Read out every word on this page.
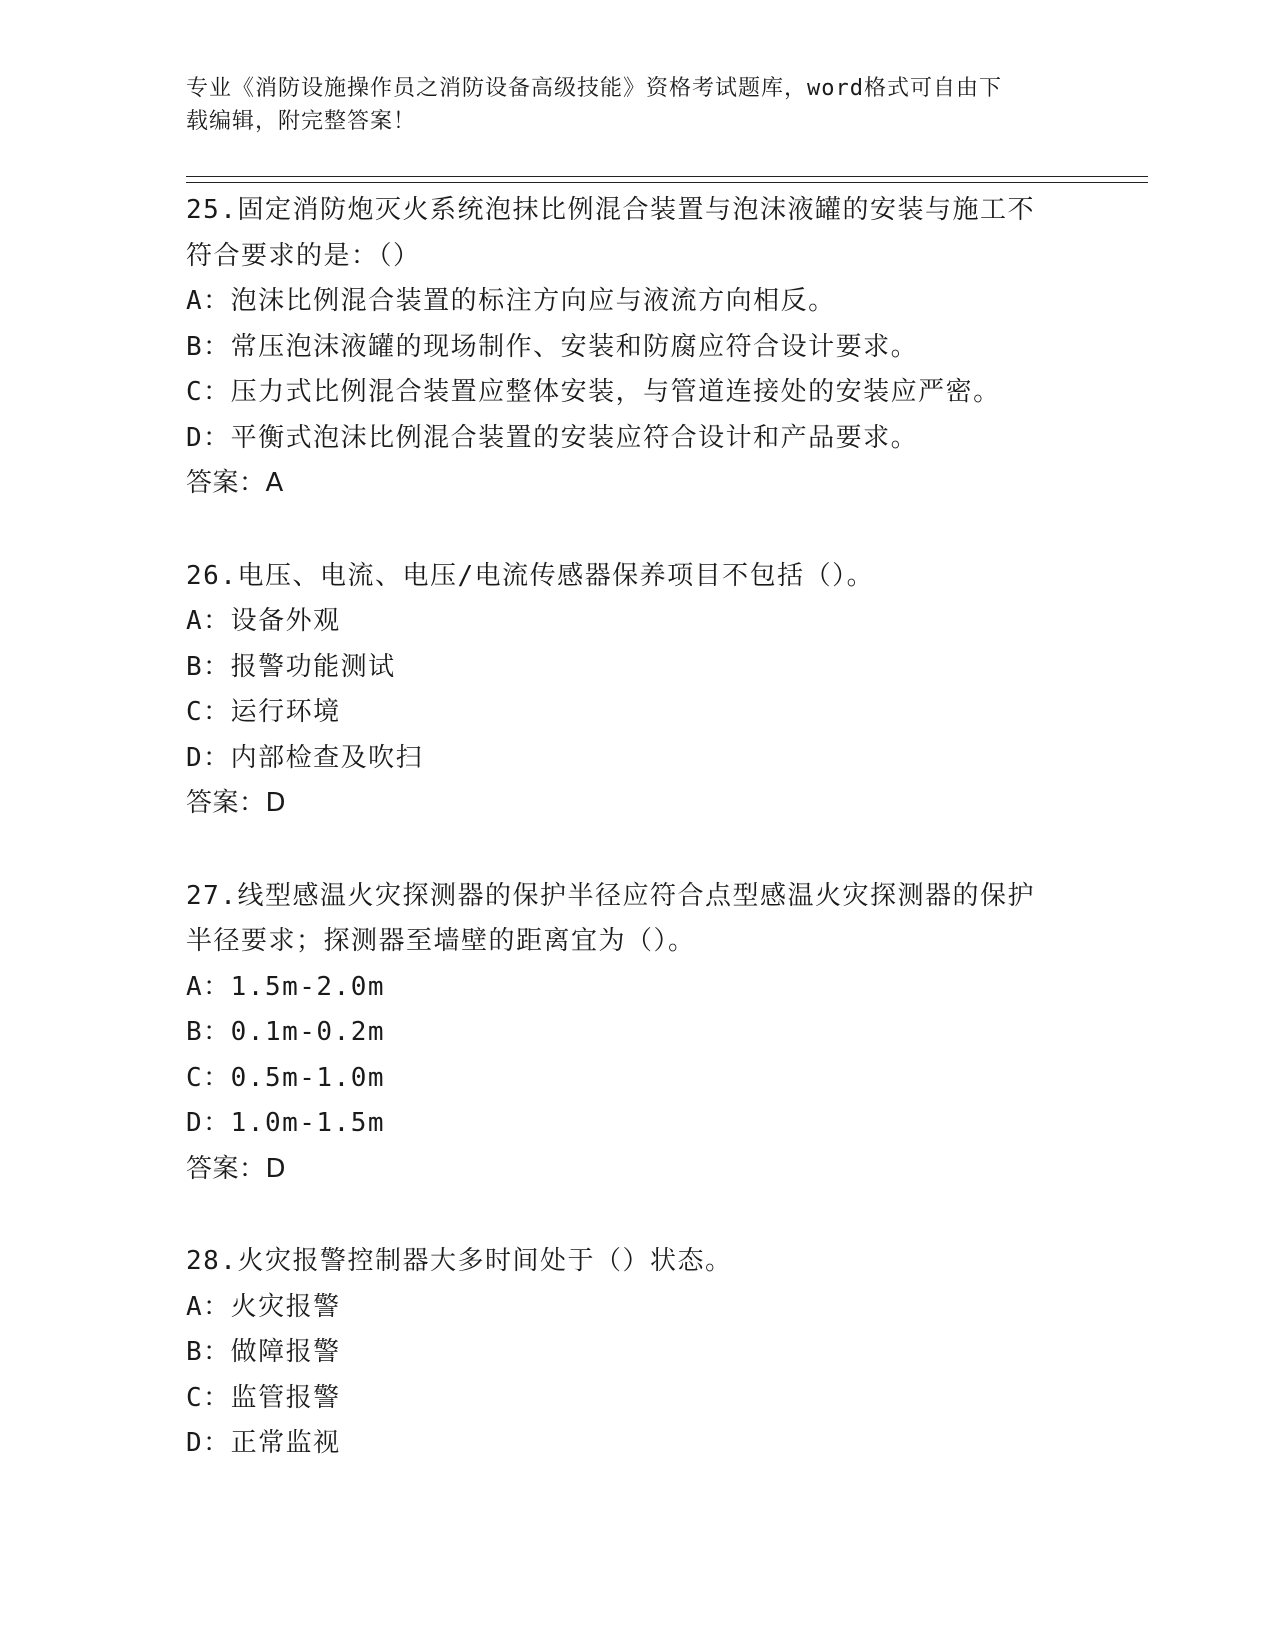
专业《消防设施操作员之消防设备高级技能》资格考试题库，word格式可自由下
载编辑，附完整答案！
25.固定消防炮灭火系统泡抹比例混合装置与泡沫液罐的安装与施工不
符合要求的是：（）
A：泡沫比例混合装置的标注方向应与液流方向相反。
B：常压泡沫液罐的现场制作、安装和防腐应符合设计要求。
C：压力式比例混合装置应整体安装，与管道连接处的安装应严密。
D：平衡式泡沫比例混合装置的安装应符合设计和产品要求。
答案：A
26.电压、电流、电压/电流传感器保养项目不包括（）。
A：设备外观
B：报警功能测试
C：运行环境
D：内部检查及吹扫
答案：D
27.线型感温火灾探测器的保护半径应符合点型感温火灾探测器的保护
半径要求；探测器至墙壁的距离宜为（）。
A：1.5m-2.0m
B：0.1m-0.2m
C：0.5m-1.0m
D：1.0m-1.5m
答案：D
28.火灾报警控制器大多时间处于（）状态。
A：火灾报警
B：做障报警
C：监管报警
D：正常监视
